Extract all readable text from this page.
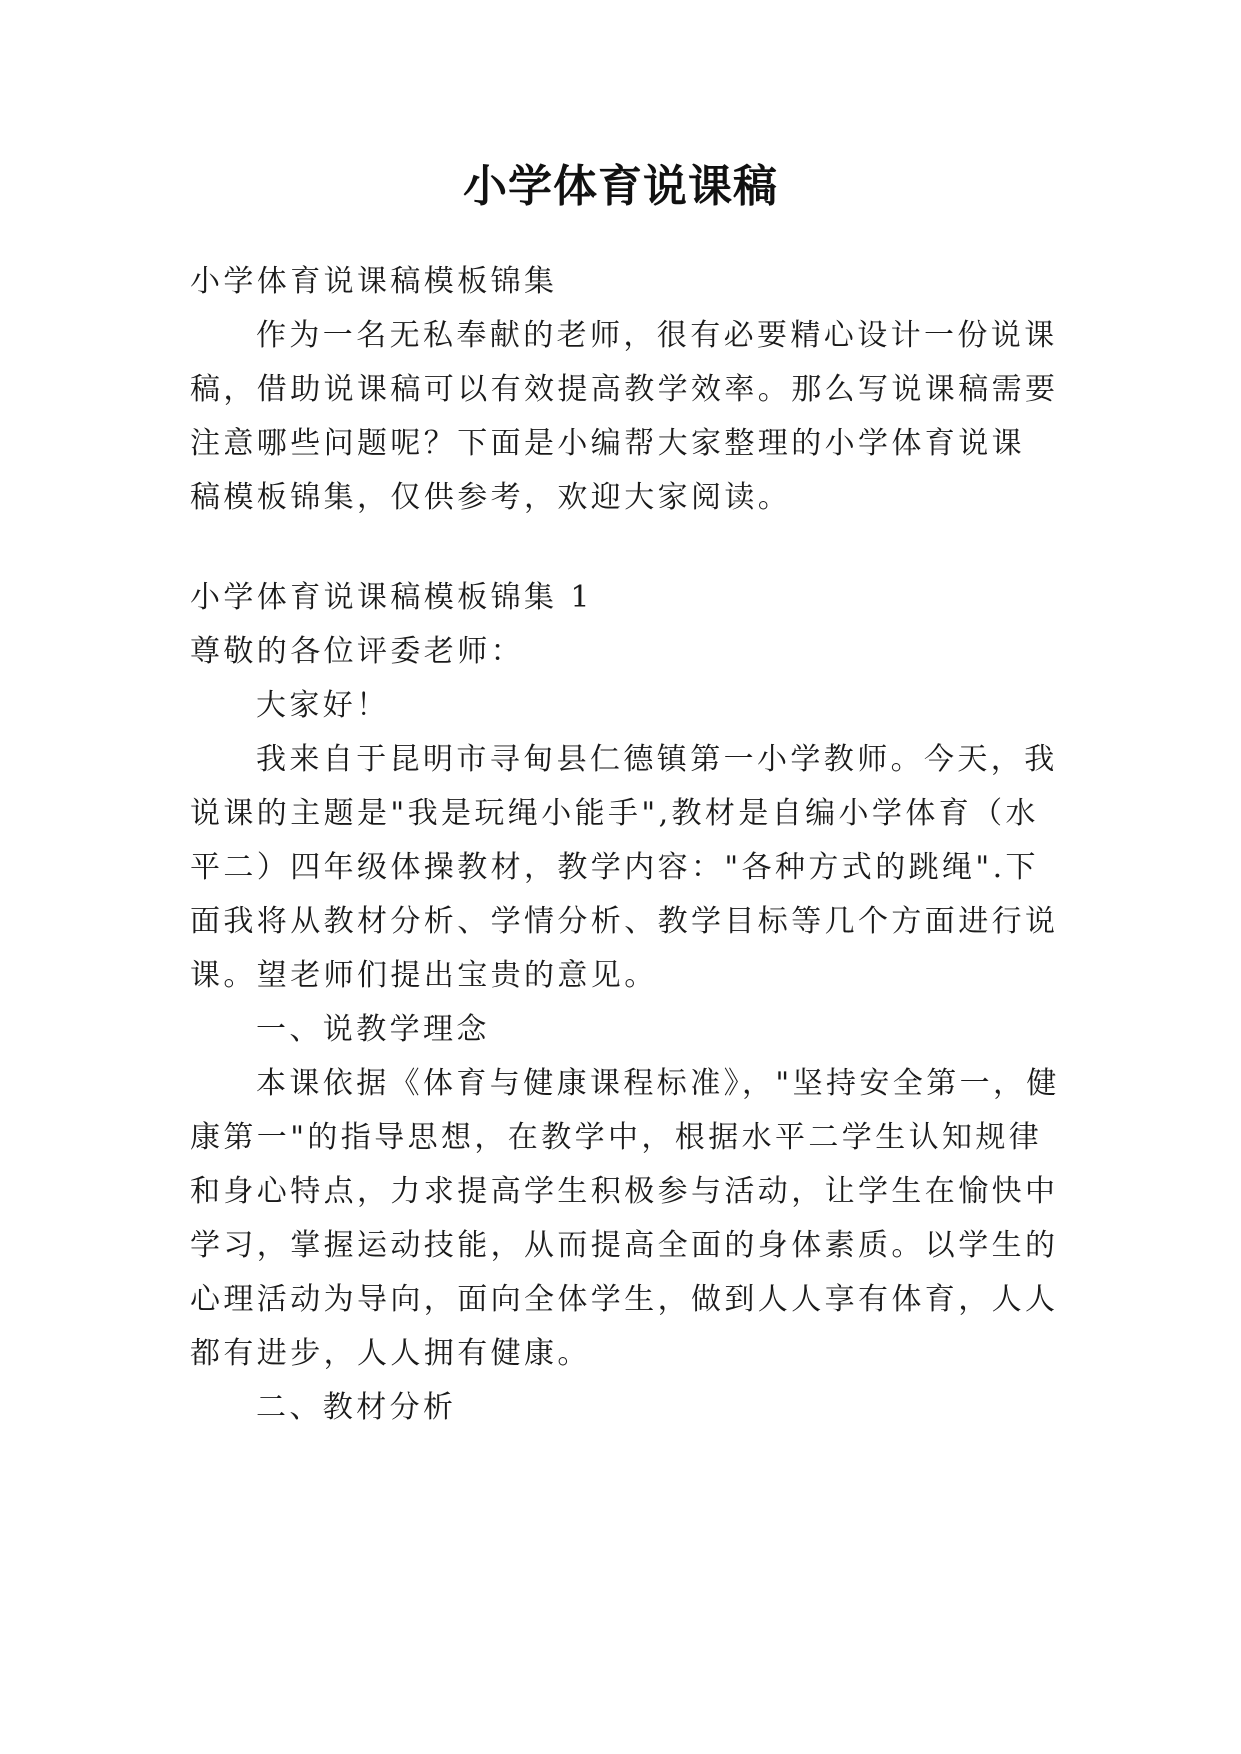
小学体育说课稿
小学体育说课稿模板锦集
作为一名无私奉献的老师，很有必要精心设计一份说课
稿，借助说课稿可以有效提高教学效率。那么写说课稿需要
注意哪些问题呢？下面是小编帮大家整理的小学体育说课
稿模板锦集，仅供参考，欢迎大家阅读。
小学体育说课稿模板锦集 1
尊敬的各位评委老师：
大家好！
我来自于昆明市寻甸县仁德镇第一小学教师。今天，我
说课的主题是"我是玩绳小能手",教材是自编小学体育（水
平二）四年级体操教材，教学内容："各种方式的跳绳".下
面我将从教材分析、学情分析、教学目标等几个方面进行说
课。望老师们提出宝贵的意见。
一、说教学理念
本课依据《体育与健康课程标准》，"坚持安全第一，健
康第一"的指导思想，在教学中，根据水平二学生认知规律
和身心特点，力求提高学生积极参与活动，让学生在愉快中
学习，掌握运动技能，从而提高全面的身体素质。以学生的
心理活动为导向，面向全体学生，做到人人享有体育，人人
都有进步，人人拥有健康。
二、教材分析
